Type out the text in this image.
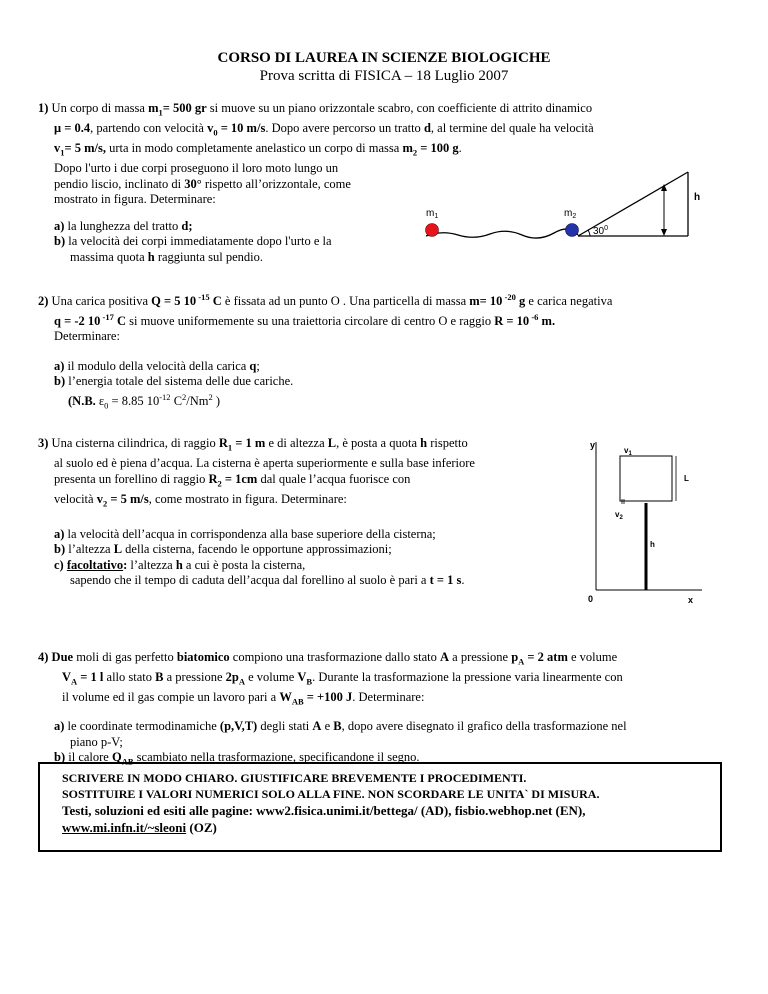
CORSO DI LAUREA IN SCIENZE BIOLOGICHE
Prova scritta di FISICA – 18 Luglio 2007
1) Un corpo di massa $m_1= 500$ gr si muove su un piano orizzontale scabro, con coefficiente di attrito dinamico
μ = 0.4, partendo con velocità $v_0 = 10$ m/s. Dopo avere percorso un tratto d, al termine del quale ha velocità
$v_1= 5$ m/s, urta in modo completamente anelastico un corpo di massa $m_2 = 100$ g.
Dopo l'urto i due corpi proseguono il loro moto lungo un
pendio liscio, inclinato di 30° rispetto all’orizzontale, come
mostrato in figura. Determinare:
a) la lunghezza del tratto d;
b) la velocità dei corpi immediatamente dopo l'urto e la
massima quota h raggiunta sul pendio.
$m_1$	$m_2$
h
$30^0$
2) Una carica positiva Q = 5 10 $^{-15}$ C è fissata ad un punto O . Una particella di massa m= 10 $^{-20}$ g e carica negativa
q = -2 10 $^{-17}$ C si muove uniformemente su una traiettoria circolare di centro O e raggio R = 10 $^{-6}$ m.
Determinare:
a) il modulo della velocità della carica q;
b) l’energia totale del sistema delle due cariche.
(N.B. $\varepsilon_0 = 8.85$ $10^{-12}$ $C^2/Nm^2$ )
3) Una cisterna cilindrica, di raggio $R_1 = 1$ m e di altezza L, è posta a quota h rispetto
al suolo ed è piena d’acqua. La cisterna è aperta superiormente e sulla base inferiore
presenta un forellino di raggio $R_2 = 1cm$ dal quale l’acqua fuorisce con
velocità $v_2 = 5$ m/s, come mostrato in figura. Determinare:
a) la velocità dell’acqua in corrispondenza alla base superiore della cisterna;
b) l’altezza L della cisterna, facendo le opportune approssimazioni;
c) facoltativo: l’altezza h a cui è posta la cisterna,
sapendo che il tempo di caduta dell’acqua dal forellino al suolo è pari a t = 1 s.
y
x
0
L
h
$v_1$
$v_2$
4) Due moli di gas perfetto biatomico compiono una trasformazione dallo stato A a pressione $p_A = 2$ atm e volume
$V_A = 1$ l allo stato B a pressione $2p_A$ e volume $V_B$. Durante la trasformazione la pressione varia linearmente con
il volume ed il gas compie un lavoro pari a $W_{AB} = +100$ J. Determinare:
a) le coordinate termodinamiche (p,V,T) degli stati A e B, dopo avere disegnato il grafico della trasformazione nel
piano p-V;
b) il calore $Q_{AB}$ scambiato nella trasformazione, specificandone il segno.
SCRIVERE IN MODO CHIARO. GIUSTIFICARE BREVEMENTE I PROCEDIMENTI.
SOSTITUIRE I VALORI NUMERICI SOLO ALLA FINE. NON SCORDARE LE UNITA` DI MISURA.
Testi, soluzioni ed esiti alle pagine: www2.fisica.unimi.it/bettega/ (AD), fisbio.webhop.net (EN),
www.mi.infn.it/~sleoni (OZ)
